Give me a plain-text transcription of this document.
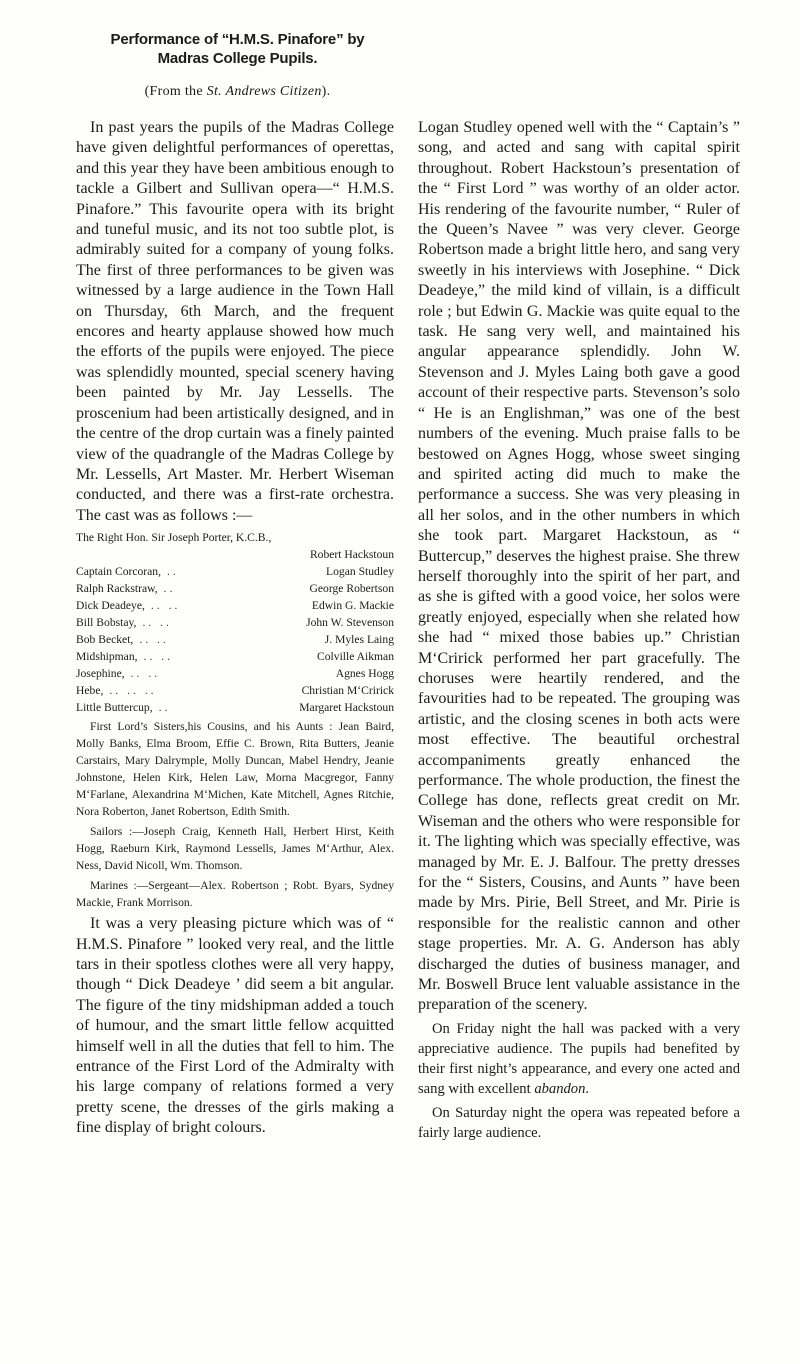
Performance of “H.M.S. Pinafore” by
Madras College Pupils.
(From the St. Andrews Citizen).

In past years the pupils of the Madras College have given delightful performances of operettas, and this year they have been ambitious enough to tackle a Gilbert and Sullivan opera—“ H.M.S. Pinafore.” This favourite opera with its bright and tuneful music, and its not too subtle plot, is admirably suited for a company of young folks. The first of three performances to be given was witnessed by a large audience in the Town Hall on Thursday, 6th March, and the frequent encores and hearty applause showed how much the efforts of the pupils were enjoyed. The piece was splendidly mounted, special scenery having been painted by Mr. Jay Lessells. The proscenium had been artistically designed, and in the centre of the drop curtain was a finely painted view of the quadrangle of the Madras College by Mr. Lessells, Art Master. Mr. Herbert Wiseman conducted, and there was a first-rate orchestra. The cast was as follows :—

The Right Hon. Sir Joseph Porter, K.C.B.,
Robert Hackstoun
Captain Corcoran, ..	Logan Studley
Ralph Rackstraw, ..	George Robertson
Dick Deadeye, .. ..	Edwin G. Mackie
Bill Bobstay, .. ..	John W. Stevenson
Bob Becket, .. ..	J. Myles Laing
Midshipman, .. ..	Colville Aikman
Josephine, .. ..	Agnes Hogg
Hebe, .. .. ..	Christian M‘Cririck
Little Buttercup, ..	Margaret Hackstoun

First Lord’s Sisters,his Cousins, and his Aunts : Jean Baird, Molly Banks, Elma Broom, Effie C. Brown, Rita Butters, Jeanie Carstairs, Mary Dalrymple, Molly Duncan, Mabel Hendry, Jeanie Johnstone, Helen Kirk, Helen Law, Morna Macgregor, Fanny M‘Farlane, Alexandrina M‘Michen, Kate Mitchell, Agnes Ritchie, Nora Roberton, Janet Robertson, Edith Smith.

Sailors :—Joseph Craig, Kenneth Hall, Herbert Hirst, Keith Hogg, Raeburn Kirk, Raymond Lessells, James M‘Arthur, Alex. Ness, David Nicoll, Wm. Thomson.

Marines :—Sergeant—Alex. Robertson ; Robt. Byars, Sydney Mackie, Frank Morrison.

It was a very pleasing picture which was of “ H.M.S. Pinafore ” looked very real, and the little tars in their spotless clothes were all very happy, though “ Dick Deadeye ’ did seem a bit angular. The figure of the tiny midshipman added a touch of humour, and the smart little fellow acquitted himself well in all the duties that fell to him. The entrance of the First Lord of the Admiralty with his large company of relations formed a very pretty scene, the dresses of the girls making a fine display of bright colours.

Logan Studley opened well with the “ Captain’s ” song, and acted and sang with capital spirit throughout. Robert Hackstoun’s presentation of the “ First Lord ” was worthy of an older actor. His rendering of the favourite number, “ Ruler of the Queen’s Navee ” was very clever. George Robertson made a bright little hero, and sang very sweetly in his interviews with Josephine. “ Dick Deadeye,” the mild kind of villain, is a difficult role ; but Edwin G. Mackie was quite equal to the task. He sang very well, and maintained his angular appearance splendidly. John W. Stevenson and J. Myles Laing both gave a good account of their respective parts. Stevenson’s solo “ He is an Englishman,” was one of the best numbers of the evening. Much praise falls to be bestowed on Agnes Hogg, whose sweet singing and spirited acting did much to make the performance a success. She was very pleasing in all her solos, and in the other numbers in which she took part. Margaret Hackstoun, as “ Buttercup,” deserves the highest praise. She threw herself thoroughly into the spirit of her part, and as she is gifted with a good voice, her solos were greatly enjoyed, especially when she related how she had “ mixed those babies up.” Christian M‘Cririck performed her part gracefully. The choruses were heartily rendered, and the favourities had to be repeated. The grouping was artistic, and the closing scenes in both acts were most effective. The beautiful orchestral accompaniments greatly enhanced the performance. The whole production, the finest the College has done, reflects great credit on Mr. Wiseman and the others who were responsible for it. The lighting which was specially effective, was managed by Mr. E. J. Balfour. The pretty dresses for the “ Sisters, Cousins, and Aunts ” have been made by Mrs. Pirie, Bell Street, and Mr. Pirie is responsible for the realistic cannon and other stage properties. Mr. A. G. Anderson has ably discharged the duties of business manager, and Mr. Boswell Bruce lent valuable assistance in the preparation of the scenery.

On Friday night the hall was packed with a very appreciative audience. The pupils had benefited by their first night’s appearance, and every one acted and sang with excellent abandon.

On Saturday night the opera was repeated before a fairly large audience.
